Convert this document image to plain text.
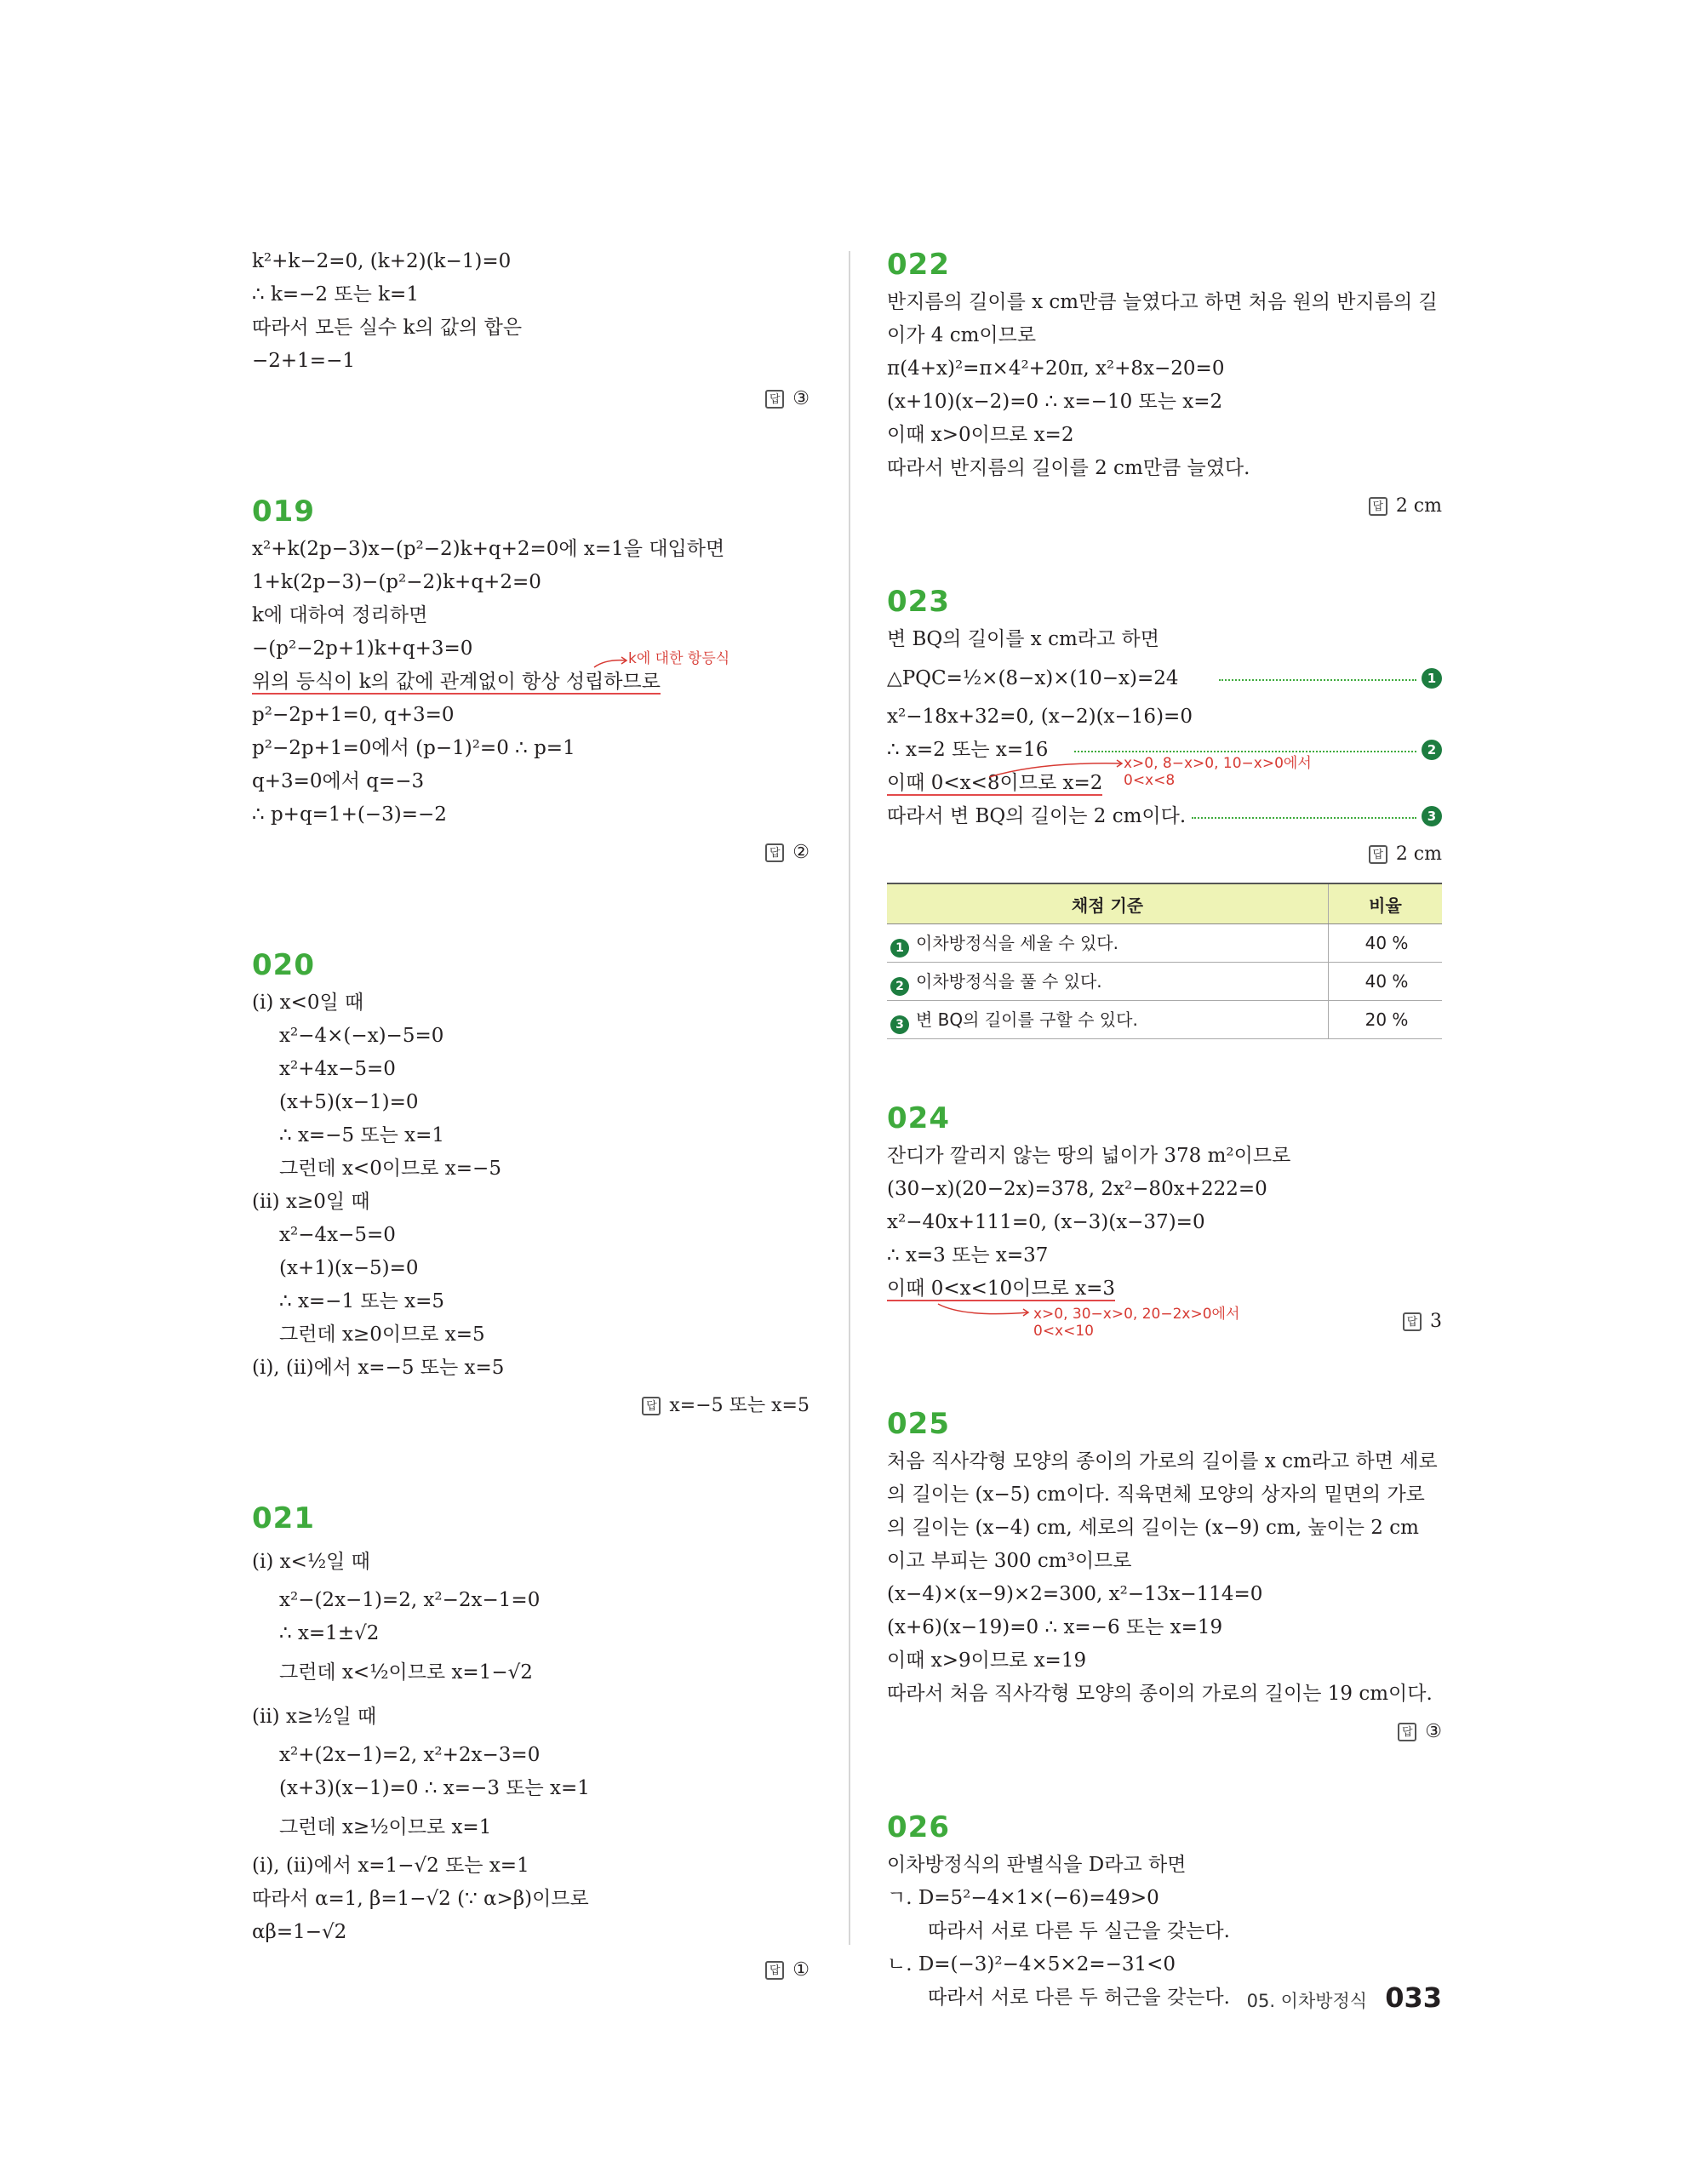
k²+k−2=0, (k+2)(k−1)=0
∴ k=−2 또는 k=1
따라서 모든 실수 k의 값의 합은
−2+1=−1
답 ③
019
x²+k(2p−3)x−(p²−2)k+q+2=0에 x=1을 대입하면
1+k(2p−3)−(p²−2)k+q+2=0
k에 대하여 정리하면
−(p²−2p+1)k+q+3=0
위의 등식이 k의 값에 관계없이 항상 성립하므로
k에 대한 항등식
p²−2p+1=0, q+3=0
p²−2p+1=0에서 (p−1)²=0 ∴ p=1
q+3=0에서 q=−3
∴ p+q=1+(−3)=−2
답 ②
020
(ⅰ) x<0일 때
x²−4×(−x)−5=0
x²+4x−5=0
(x+5)(x−1)=0
∴ x=−5 또는 x=1
그런데 x<0이므로 x=−5
(ⅱ) x≥0일 때
x²−4x−5=0
(x+1)(x−5)=0
∴ x=−1 또는 x=5
그런데 x≥0이므로 x=5
(ⅰ), (ⅱ)에서 x=−5 또는 x=5
답 x=−5 또는 x=5
021
(ⅰ) x<½일 때
x²−(2x−1)=2, x²−2x−1=0
∴ x=1±√2
그런데 x<½이므로 x=1−√2
(ⅱ) x≥½일 때
x²+(2x−1)=2, x²+2x−3=0
(x+3)(x−1)=0 ∴ x=−3 또는 x=1
그런데 x≥½이므로 x=1
(ⅰ), (ⅱ)에서 x=1−√2 또는 x=1
따라서 α=1, β=1−√2 (∵ α>β)이므로
αβ=1−√2
답 ①
022
반지름의 길이를 x cm만큼 늘였다고 하면 처음 원의 반지름의 길
이가 4 cm이므로
π(4+x)²=π×4²+20π, x²+8x−20=0
(x+10)(x−2)=0 ∴ x=−10 또는 x=2
이때 x>0이므로 x=2
따라서 반지름의 길이를 2 cm만큼 늘였다.
답 2 cm
023
변 BQ의 길이를 x cm라고 하면
△PQC=½×(8−x)×(10−x)=24	1
x²−18x+32=0, (x−2)(x−16)=0
∴ x=2 또는 x=16	2
이때 0<x<8이므로 x=2
x>0, 8−x>0, 10−x>0에서
0<x<8
따라서 변 BQ의 길이는 2 cm이다.	3
답 2 cm
채점 기준	비율
1 이차방정식을 세울 수 있다.	40 %
2 이차방정식을 풀 수 있다.	40 %
3 변 BQ의 길이를 구할 수 있다.	20 %
024
잔디가 깔리지 않는 땅의 넓이가 378 m²이므로
(30−x)(20−2x)=378, 2x²−80x+222=0
x²−40x+111=0, (x−3)(x−37)=0
∴ x=3 또는 x=37
이때 0<x<10이므로 x=3
x>0, 30−x>0, 20−2x>0에서
0<x<10
답 3
025
처음 직사각형 모양의 종이의 가로의 길이를 x cm라고 하면 세로
의 길이는 (x−5) cm이다. 직육면체 모양의 상자의 밑면의 가로
의 길이는 (x−4) cm, 세로의 길이는 (x−9) cm, 높이는 2 cm
이고 부피는 300 cm³이므로
(x−4)×(x−9)×2=300, x²−13x−114=0
(x+6)(x−19)=0 ∴ x=−6 또는 x=19
이때 x>9이므로 x=19
따라서 처음 직사각형 모양의 종이의 가로의 길이는 19 cm이다.
답 ③
026
이차방정식의 판별식을 D라고 하면
ㄱ. D=5²−4×1×(−6)=49>0
따라서 서로 다른 두 실근을 갖는다.
ㄴ. D=(−3)²−4×5×2=−31<0
따라서 서로 다른 두 허근을 갖는다. 05. 이차방정식 033
